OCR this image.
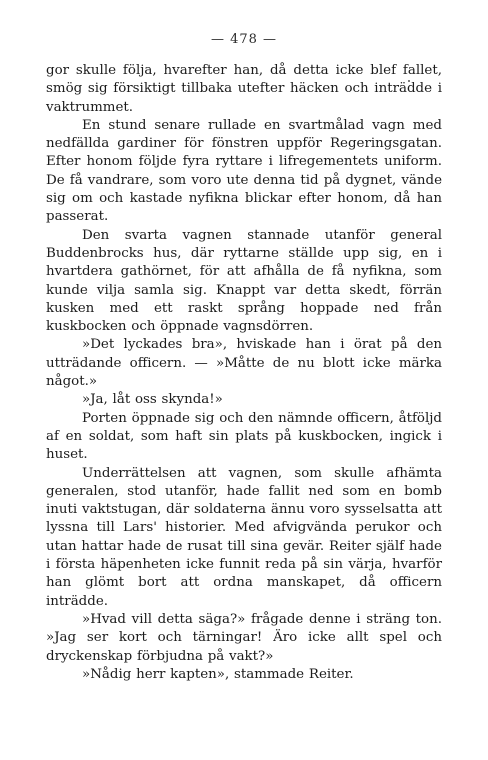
— 478 —

gor skulle följa, hvarefter han, då detta icke blef fallet, smög sig försiktigt tillbaka utefter häcken och inträdde i vaktrummet.

En stund senare rullade en svartmålad vagn med nedfällda gardiner för fönstren uppför Regeringsgatan. Efter honom följde fyra ryttare i lifregementets uniform. De få vandrare, som voro ute denna tid på dygnet, vände sig om och kastade nyfikna blickar efter honom, då han passerat.

Den svarta vagnen stannade utanför general Buddenbrocks hus, där ryttarne ställde upp sig, en i hvartdera gathörnet, för att afhålla de få nyfikna, som kunde vilja samla sig. Knappt var detta skedt, förrän kusken med ett raskt språng hoppade ned från kuskbocken och öppnade vagnsdörren.

»Det lyckades bra», hviskade han i örat på den utträdande officern. — »Måtte de nu blott icke märka något.»

»Ja, låt oss skynda!»

Porten öppnade sig och den nämnde officern, åtföljd af en soldat, som haft sin plats på kuskbocken, ingick i huset.

Underrättelsen att vagnen, som skulle afhämta generalen, stod utanför, hade fallit ned som en bomb inuti vaktstugan, där soldaterna ännu voro sysselsatta att lyssna till Lars' historier. Med afvigvända perukor och utan hattar hade de rusat till sina gevär. Reiter själf hade i första häpenheten icke funnit reda på sin värja, hvarför han glömt bort att ordna manskapet, då officern inträdde.

»Hvad vill detta säga?» frågade denne i sträng ton. »Jag ser kort och tärningar! Äro icke allt spel och dryckenskap förbjudna på vakt?»

»Nådig herr kapten», stammade Reiter.
